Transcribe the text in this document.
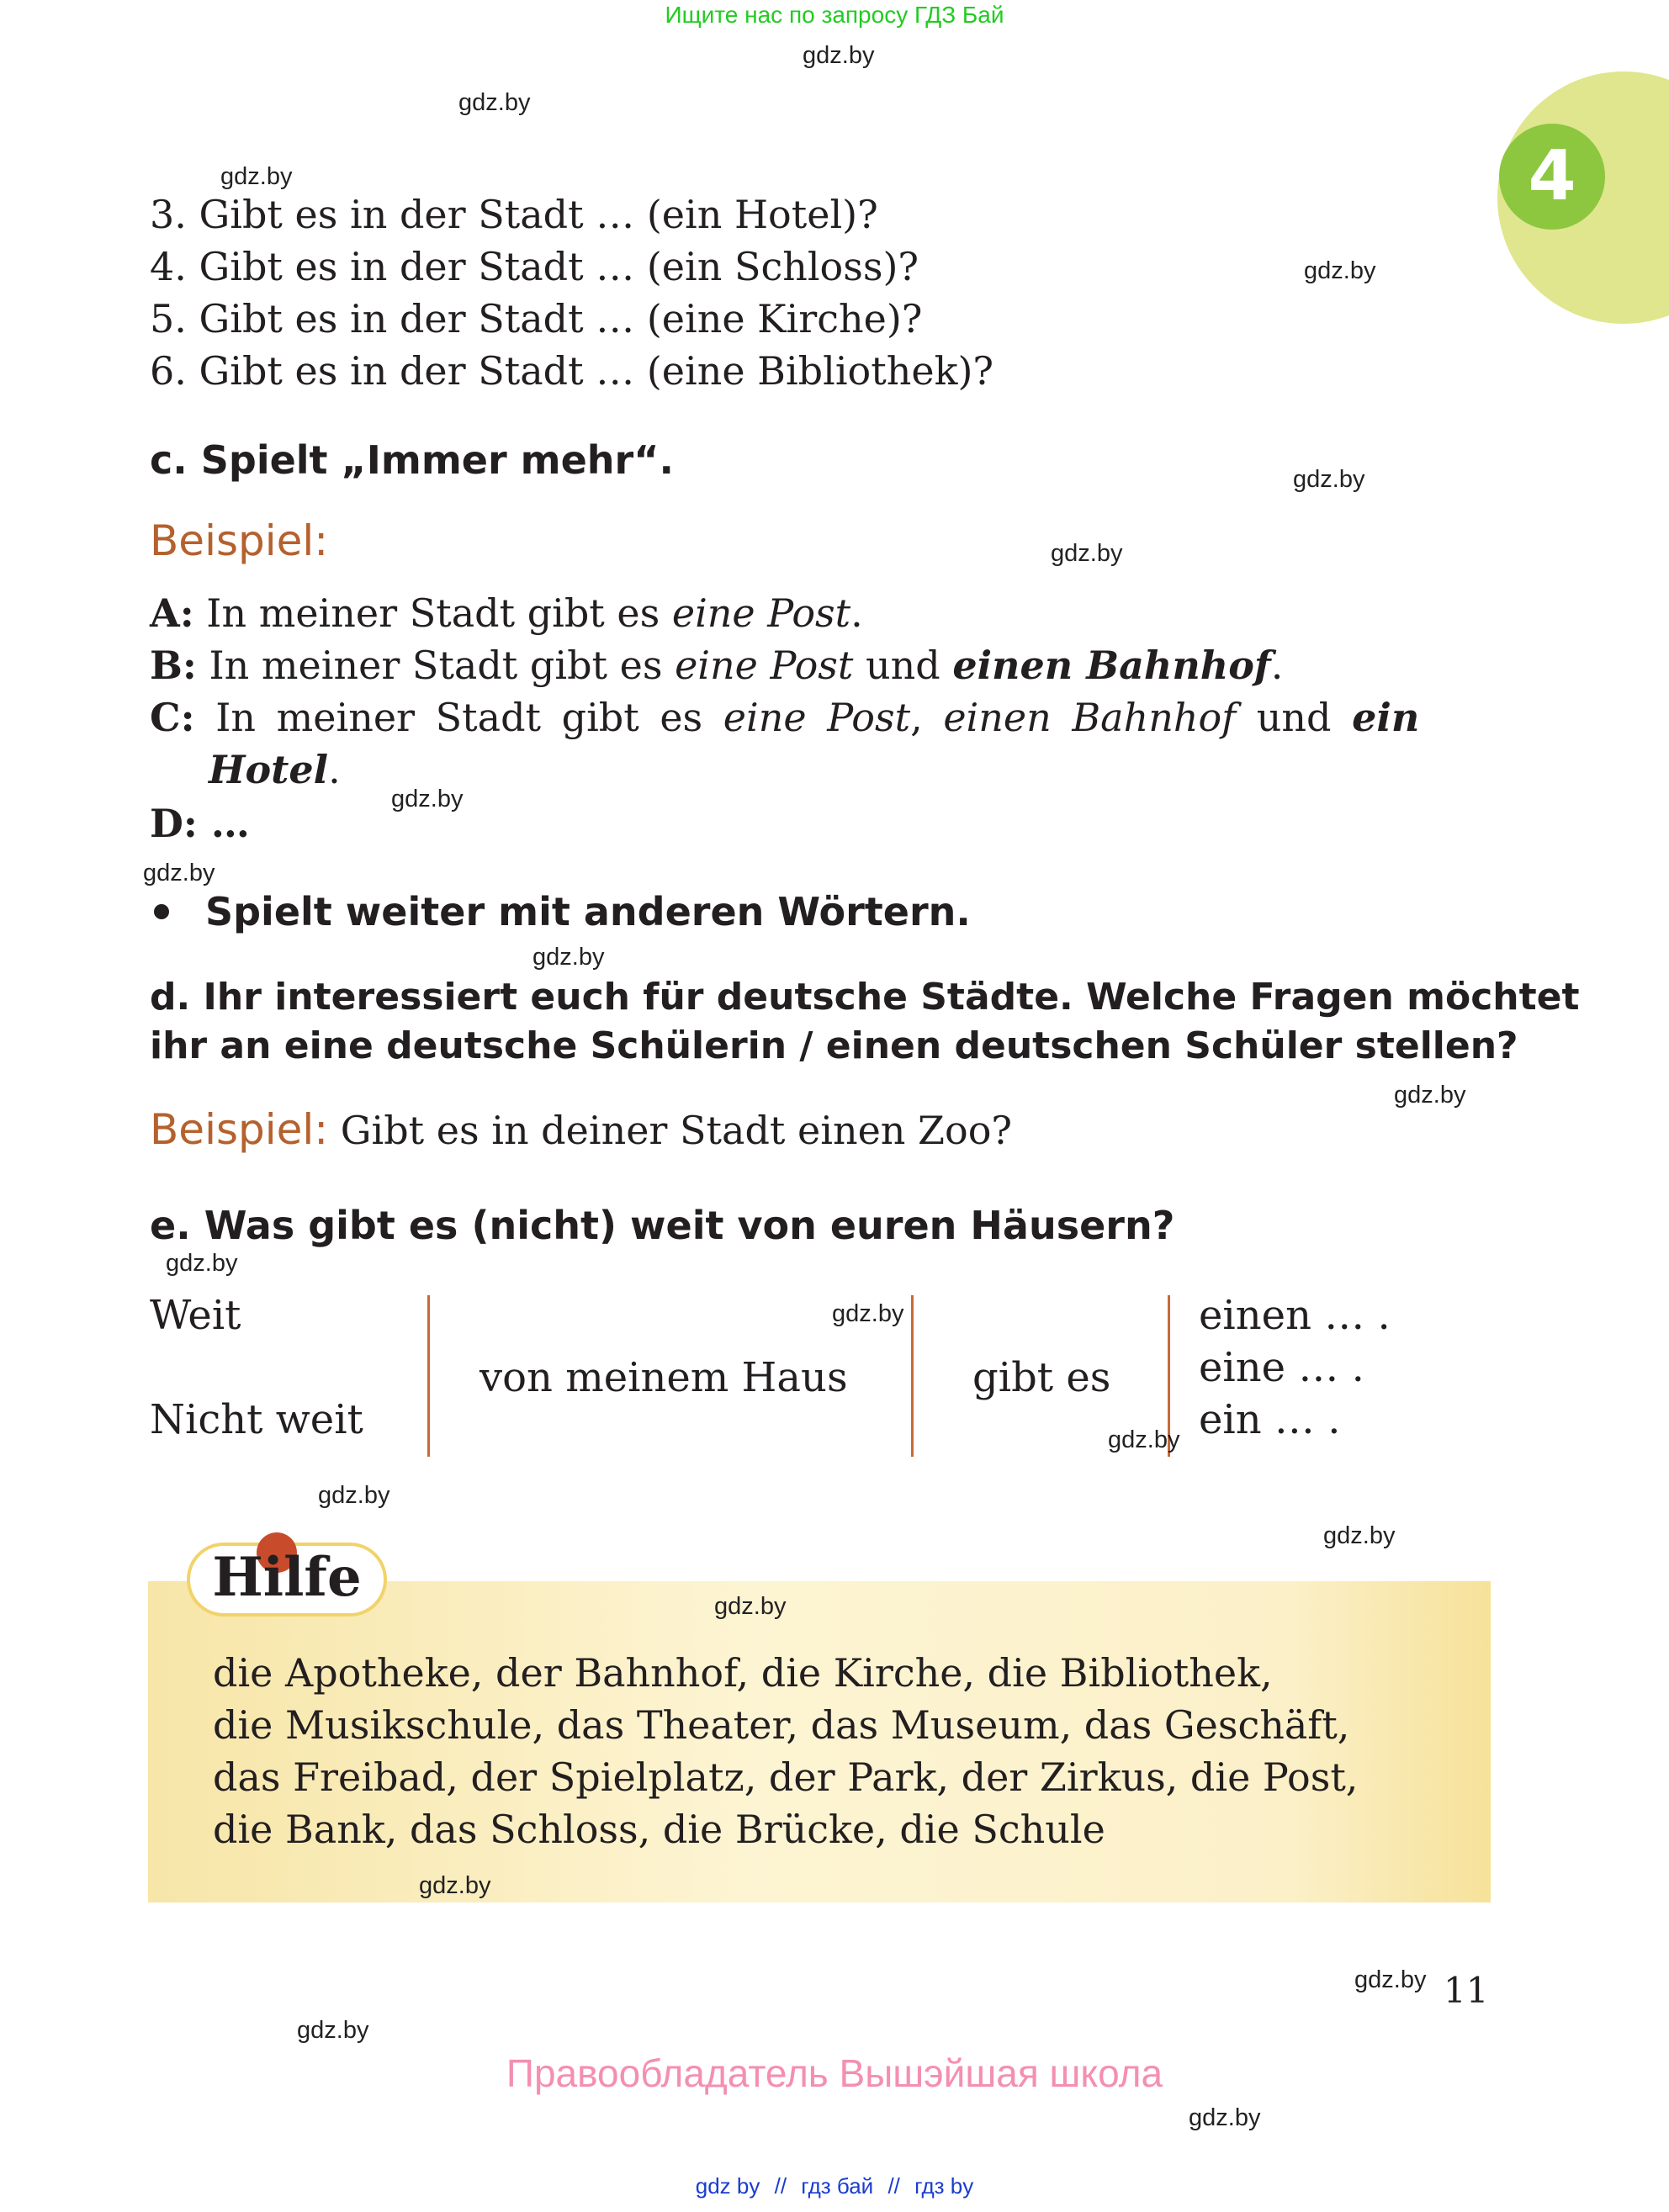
Ищите нас по запросу ГДЗ Бай
4
3. Gibt es in der Stadt … (ein Hotel)?
4. Gibt es in der Stadt … (ein Schloss)?
5. Gibt es in der Stadt … (eine Kirche)?
6. Gibt es in der Stadt … (eine Bibliothek)?
c. Spielt „Immer mehr“.
Beispiel:
A: In meiner Stadt gibt es eine Post.
B: In meiner Stadt gibt es eine Post und einen Bahnhof.
C: In meiner Stadt gibt es eine Post, einen Bahnhof und ein
Hotel.
D: …
Spielt weiter mit anderen Wörtern.
d. Ihr interessiert euch für deutsche Städte. Welche Fragen möchtet
ihr an eine deutsche Schülerin / einen deutschen Schüler stellen?
Beispiel: Gibt es in deiner Stadt einen Zoo?
e. Was gibt es (nicht) weit von euren Häusern?
Weit
Nicht weit
von meinem Haus	gibt es
einen … .
eine … .
ein … .
Hilfe
die Apotheke, der Bahnhof, die Kirche, die Bibliothek,
die Musikschule, das Theater, das Museum, das Geschäft,
das Freibad, der Spielplatz, der Park, der Zirkus, die Post,
die Bank, das Schloss, die Brücke, die Schule
11
Правообладатель Вышэйшая школа
gdz by // гдз бай // гдз by
gdz.by
gdz.by
gdz.by
gdz.by
gdz.by
gdz.by
gdz.by
gdz.by
gdz.by
gdz.by
gdz.by
gdz.by
gdz.by
gdz.by
gdz.by
gdz.by
gdz.by
gdz.by
gdz.by
gdz.by
